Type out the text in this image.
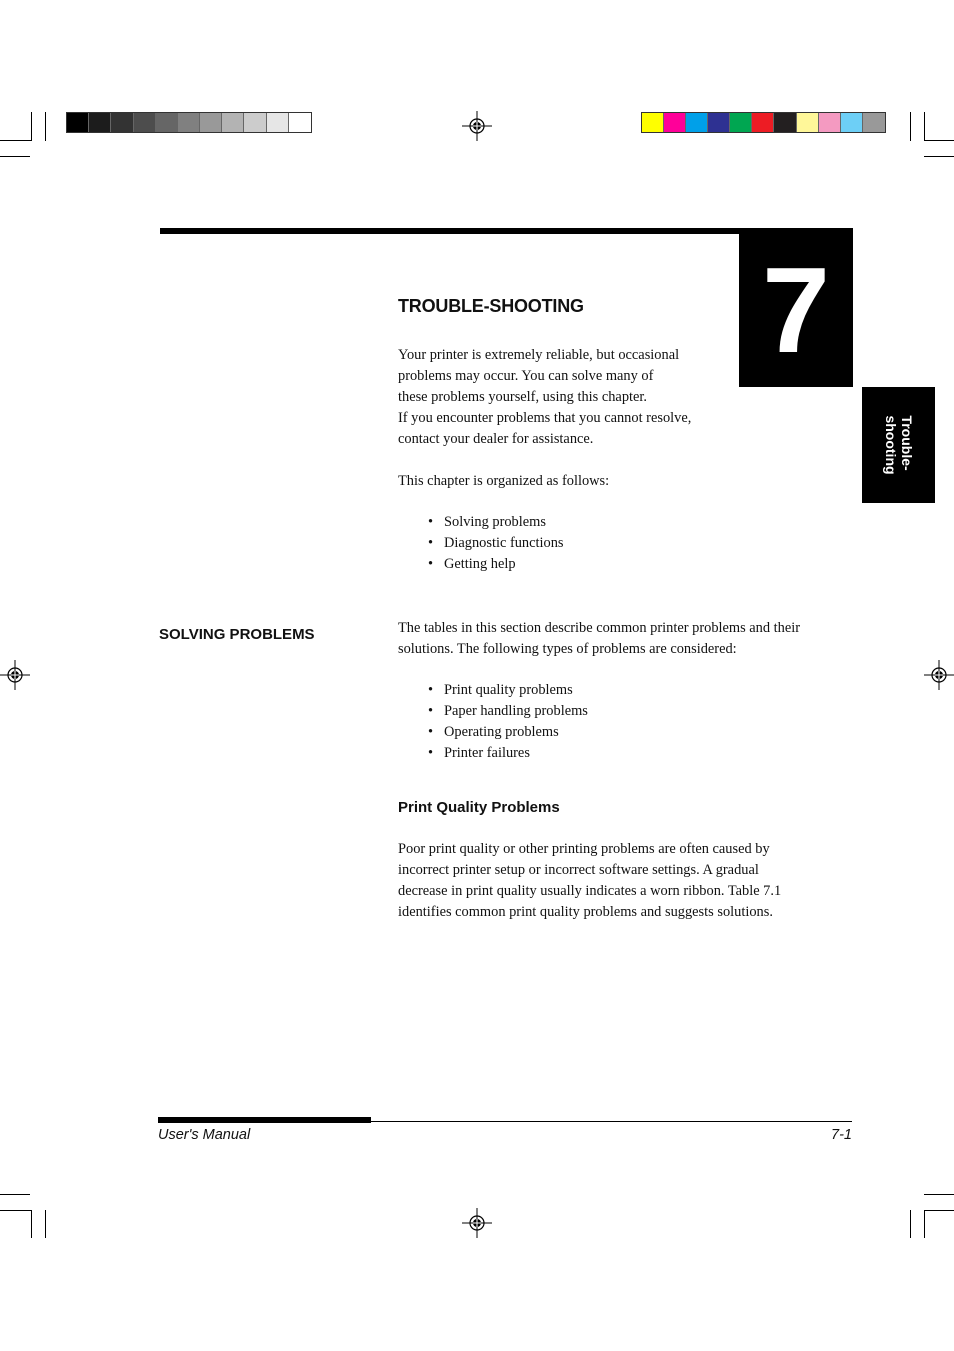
7
Trouble-
shooting
TROUBLE-SHOOTING

Your printer is extremely reliable, but occasional
problems may occur. You can solve many of
these problems yourself, using this chapter.
If you encounter problems that you cannot resolve,
contact your dealer for assistance.

This chapter is organized as follows:

• Solving problems
• Diagnostic functions
• Getting help
SOLVING PROBLEMS	The tables in this section describe common printer problems and their
solutions. The following types of problems are considered:

• Print quality problems
• Paper handling problems
• Operating problems
• Printer failures
Print Quality Problems

Poor print quality or other printing problems are often caused by
incorrect printer setup or incorrect software settings. A gradual
decrease in print quality usually indicates a worn ribbon. Table 7.1
identifies common print quality problems and suggests solutions.

User's Manual	7-1
